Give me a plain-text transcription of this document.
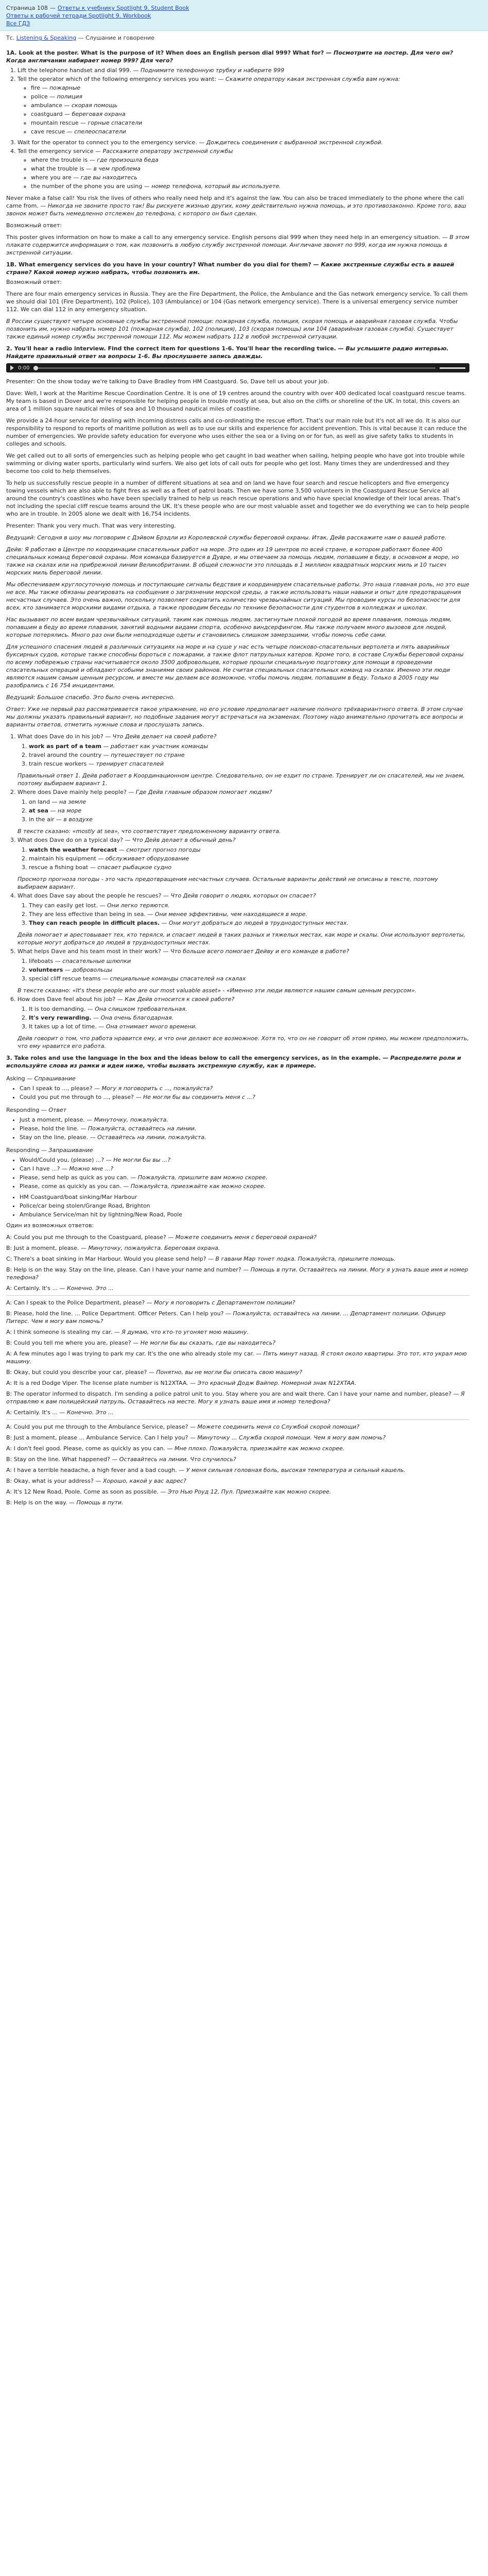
Страница 108 — Ответы к учебнику Spotlight 9. Student Book
Ответы к рабочей тетради Spotlight 9. Workbook
Все ГДЗ
Тс. Listening & Speaking — Слушание и говорение
1A. Look at the poster. What is the purpose of it? When does an English person dial 999? What for? — Посмотрите на постер. Для чего он? Когда англичанин набирает номер 999? Для чего?
1. Lift the telephone handset and dial 999. — Поднимите телефонную трубку и наберите 999
2. Tell the operator which of the following emergency services you want: — Скажите оператору какая экстренная служба вам нужна:
◦ fire — пожарные
◦ police — полиция
◦ ambulance — скорая помощь
◦ coastguard — береговая охрана
◦ mountain rescue — горные спасатели
◦ cave rescue — спелеоспасатели
3. Wait for the operator to connect you to the emergency service. — Дождитесь соединения с выбранной экстренной службой.
4. Tell the emergency service — Расскажите оператору экстренной службы
◦ where the trouble is — где произошла беда
◦ what the trouble is — в чем проблема
◦ where you are — где вы находитесь
◦ the number of the phone you are using — номер телефона, который вы используете.

Never make a false call! You risk the lives of others who really need help and it's against the law. You can also be traced immediately to the phone where the call came from. — Никогда не звоните просто так! Вы рискуете жизнью других, кому действительно нужна помощь, и это противозаконно. Кроме того, ваш звонок может быть немедленно отслежен до телефона, с которого он был сделан.

Возможный ответ:

This poster gives information on how to make a call to any emergency service. English persons dial 999 when they need help in an emergency situation. — В этом плакате содержится информация о том, как позвонить в любую службу экстренной помощи. Англичане звонят по 999, когда им нужна помощь в экстренной ситуации.

1B. What emergency services do you have in your country? What number do you dial for them? — Какие экстренные службы есть в вашей стране? Какой номер нужно набрать, чтобы позвонить им.

Возможный ответ:

There are four main emergency services in Russia. They are the Fire Department, the Police, the Ambulance and the Gas network emergency service. To call them we should dial 101 (Fire Department), 102 (Police), 103 (Ambulance) or 104 (Gas network emergency service). There is a universal emergency service number 112. We can dial 112 in any emergency situation.

В России существуют четыре основные службы экстренной помощи: пожарная служба, полиция, скорая помощь и аварийная газовая служба. Чтобы позвонить им, нужно набрать номер 101 (пожарная служба), 102 (полиция), 103 (скорая помощь) или 104 (аварийная газовая служба). Существует также единый номер службы экстренной помощи 112. Мы можем набрать 112 в любой экстренной ситуации.

2. You'll hear a radio interview. Find the correct item for questions 1-6. You'll hear the recording twice. — Вы услышите радио интервью. Найдите правильный ответ на вопросы 1-6. Вы прослушаете запись дважды.
0:00

Presenter: On the show today we're talking to Dave Bradley from HM Coastguard. So, Dave tell us about your job.

Dave: Well, I work at the Maritime Rescue Coordination Centre. It is one of 19 centres around the country with over 400 dedicated local coastguard rescue teams. My team is based in Dover and we're responsible for helping people in trouble mostly at sea, but also on the cliffs or shoreline of the UK. In total, this covers an area of 1 million square nautical miles of sea and 10 thousand nautical miles of coastline.

We provide a 24-hour service for dealing with incoming distress calls and co-ordinating the rescue effort. That's our main role but it's not all we do. It is also our responsibility to respond to reports of maritime pollution as well as to use our skills and experience for accident prevention. This is vital because it can reduce the number of emergencies. We provide safety education for everyone who uses either the sea or a living on or for fun, as well as give safety talks to students in colleges and schools.

We get called out to all sorts of emergencies such as helping people who get caught in bad weather when sailing, helping people who have got into trouble while swimming or diving water sports, particularly wind surfers. We also get lots of call outs for people who get lost. Many times they are underdressed and they become too cold to help themselves.

To help us successfully rescue people in a number of different situations at sea and on land we have four search and rescue helicopters and five emergency towing vessels which are also able to fight fires as well as a fleet of patrol boats. Then we have some 3,500 volunteers in the Coastguard Rescue Service all around the country's coastlines who have been specially trained to help us reach rescue operations and who have special knowledge of their local areas. That's not including the special cliff rescue teams around the UK. It's these people who are our most valuable asset and together we do everything we can to help people who are in trouble. In 2005 alone we dealt with 16,754 incidents.

Presenter: Thank you very much. That was very interesting.

Ведущий: Сегодня в шоу мы поговорим с Дэйвом Брэдли из Королевской службы береговой охраны. Итак, Дейв расскажите нам о вашей работе.

Дейв: Я работаю в Центре по координации спасательных работ на море. Это один из 19 центров по всей стране, в котором работают более 400 специальных команд береговой охраны. Моя команда базируется в Дувре, и мы отвечаем за помощь людям, попавшим в беду, в основном в море, но также на скалах или на прибрежной линии Великобритании. В общей сложности это площадь в 1 миллион квадратных морских миль и 10 тысяч морских миль береговой линии.

Мы обеспечиваем круглосуточную помощь и поступающие сигналы бедствия и координируем спасательные работы. Это наша главная роль, но это еще не все. Мы также обязаны реагировать на сообщения о загрязнении морской среды, а также использовать наши навыки и опыт для предотвращения несчастных случаев. Это очень важно, поскольку позволяет сократить количество чрезвычайных ситуаций. Мы проводим курсы по безопасности для всех, кто занимается морскими видами отдыха, а также проводим беседы по технике безопасности для студентов в колледжах и школах.

Нас вызывают по всем видам чрезвычайных ситуаций, таким как помощь людям, застигнутым плохой погодой во время плавания, помощь людям, попавшим в беду во время плавания, занятий водными видами спорта, особенно виндсерфингом. Мы также получаем много вызовов для людей, которые потерялись. Много раз они были неподходяще одеты и становились слишком замерзшими, чтобы помочь себе сами.

Для успешного спасения людей в различных ситуациях на море и на суше у нас есть четыре поисково-спасательных вертолета и пять аварийных буксирных судов, которые также способны бороться с пожарами, а также флот патрульных катеров. Кроме того, в составе Службы береговой охраны по всему побережью страны насчитывается около 3500 добровольцев, которые прошли специальную подготовку для помощи в проведении спасательных операций и обладают особыми знаниями своих районов. Не считая специальных спасательных команд на скалах. Именно эти люди являются нашим самым ценным ресурсом, и вместе мы делаем все возможное, чтобы помочь людям, попавшим в беду. Только в 2005 году мы разобрались с 16 754 инцидентами.

Ведущий: Большое спасибо. Это было очень интересно.

Ответ: Уже не первый раз рассматривается такое упражнение, но его условие предполагает наличие полного трёхвариантного ответа. В этом случае мы должны указать правильный вариант, но подобные задания могут встречаться на экзаменах. Поэтому надо внимательно прочитать все вопросы и варианты ответов, отметить нужные слова и прослушать запись.

1. What does Dave do in his job? — Что Дейв делает на своей работе?
1. work as part of a team — работает как участник команды
2. travel around the country — путешествует по стране
3. train rescue workers — тренирует спасателей
Правильный ответ 1. Дейв работает в Координационном центре. Следовательно, он не ездит по стране. Тренирует ли он спасателей, мы не знаем, поэтому выбираем вариант 1.
2. Where does Dave mainly help people? — Где Дейв главным образом помогает людям?
1. on land — на земле
2. at sea — на море
3. in the air — в воздухе
В тексте сказано: «mostly at sea», что соответствует предложенному варианту ответа.
3. What does Dave do on a typical day? — Что Дейв делает в обычный день?
1. watch the weather forecast — смотрит прогноз погоды
2. maintain his equipment — обслуживает оборудование
3. rescue a fishing boat — спасает рыбацкое судно
Просмотр прогноза погоды - это часть предотвращения несчастных случаев. Остальные варианты действий не описаны в тексте, поэтому выбираем вариант.
4. What does Dave say about the people he rescues? — Что Дейв говорит о людях, которых он спасает?
1. They can easily get lost. — Они легко теряются.
2. They are less effective than being in sea. — Они менее эффективны, чем находящиеся в море.
3. They can reach people in difficult places. — Они могут добраться до людей в труднодоступных местах.
Дейв помогает и арестовывает тех, кто терялся, и спасает людей в таких разных и тяжелых местах, как море и скалы. Они используют вертолеты, которые могут добраться до людей в труднодоступных местах.
5. What helps Dave and his team most in their work? — Что больше всего помогает Дейву и его команде в работе?
1. lifeboats — спасательные шлюпки
2. volunteers — добровольцы
3. special cliff rescue teams — специальные команды спасателей на скалах
В тексте сказано: «It's these people who are our most valuable asset» - «Именно эти люди являются нашим самым ценным ресурсом».
6. How does Dave feel about his job? — Как Дейв относится к своей работе?
1. It is too demanding. — Она слишком требовательная.
2. It's very rewarding. — Она очень благодарная.
3. It takes up a lot of time. — Она отнимает много времени.
Дейв говорит о том, что работа нравится ему, и что они делают все возможное. Хотя то, что он не говорит об этом прямо, мы можем предположить, что ему нравится его работа.
3. Take roles and use the language in the box and the ideas below to call the emergency services, as in the example. — Распределите роли и используйте слова из рамки и идеи ниже, чтобы вызвать экстренную службу, как в примере.
Asking — Спрашивание
• Can I speak to ..., please? — Могу я поговорить с ..., пожалуйста?
• Could you put me through to ..., please? — Не могли бы вы соединить меня с ...?
Responding — Ответ
• Just a moment, please. — Минуточку, пожалуйста.
• Please, hold the line. — Пожалуйста, оставайтесь на линии.
• Stay on the line, please. — Оставайтесь на линии, пожалуйста.
Responding — Запрашивание
• Would/Could you, (please) ...? — Не могли бы вы ...?
• Can I have ...? — Можно мне ...?
• Please, send help as quick as you can. — Пожалуйста, пришлите вам можно скорее.
• Please, come as quickly as you can. — Пожалуйста, приезжайте как можно скорее.
• HM Coastguard/boat sinking/Mar Harbour
• Police/car being stolen/Grange Road, Brighton
• Ambulance Service/man hit by lightning/New Road, Poole

Один из возможных ответов:

A: Could you put me through to the Coastguard, please? — Можете соединить меня с береговой охраной?

B: Just a moment, please. — Минуточку, пожалуйста. Береговая охрана.

C: There's a boat sinking in Mar Harbour. Would you please send help? — В гавани Мар тонет лодка. Пожалуйста, пришлите помощь.

B: Help is on the way. Stay on the line, please. Can I have your name and number? — Помощь в пути. Оставайтесь на линии. Могу я узнать ваше имя и номер телефона?

A: Certainly. It's ... — Конечно. Это ...

A: Can I speak to the Police Department, please? — Могу я поговорить с Департаментом полиции?

B: Please, hold the line. ... Police Department. Officer Peters. Can I help you? — Пожалуйста, оставайтесь на линии. ... Департамент полиции. Офицер Питерс. Чем я могу вам помочь?

A: I think someone is stealing my car. — Я думаю, что кто-то угоняет мою машину.

B: Could you tell me where you are, please? — Не могли бы вы сказать, где вы находитесь?

A: A few minutes ago I was trying to park my car. It's the one who already stole my car. — Пять минут назад. Я стоял около квартиры. Это тот, кто украл мою машину.

B: Okay, but could you describe your car, please? — Понятно, вы не могли бы описать свою машину?

A: It is a red Dodge Viper. The license plate number is N12XTAA. — Это красный Додж Вайпер. Номерной знак N12XTAA.

B: The operator informed to dispatch. I'm sending a police patrol unit to you. Stay where you are and wait there. Can I have your name and number, please? — Я отправляю к вам полицейский патруль. Оставайтесь на месте. Могу я узнать ваше имя и номер телефона?

A: Certainly. It's ... — Конечно. Это ...

A: Could you put me through to the Ambulance Service, please? — Можете соединить меня со Службой скорой помощи?

B: Just a moment, please ... Ambulance Service. Can I help you? — Минуточку ... Служба скорой помощи. Чем я могу вам помочь?

A: I don't feel good. Please, come as quickly as you can. — Мне плохо. Пожалуйста, приезжайте как можно скорее.

B: Stay on the line. What happened? — Оставайтесь на линии. Что случилось?

A: I have a terrible headache, a high fever and a bad cough. — У меня сильная головная боль, высокая температура и сильный кашель.

B: Okay, what is your address? — Хорошо, какой у вас адрес?

A: It's 12 New Road, Poole. Come as soon as possible. — Это Нью Роуд 12, Пул. Приезжайте как можно скорее.

B: Help is on the way. — Помощь в пути.
